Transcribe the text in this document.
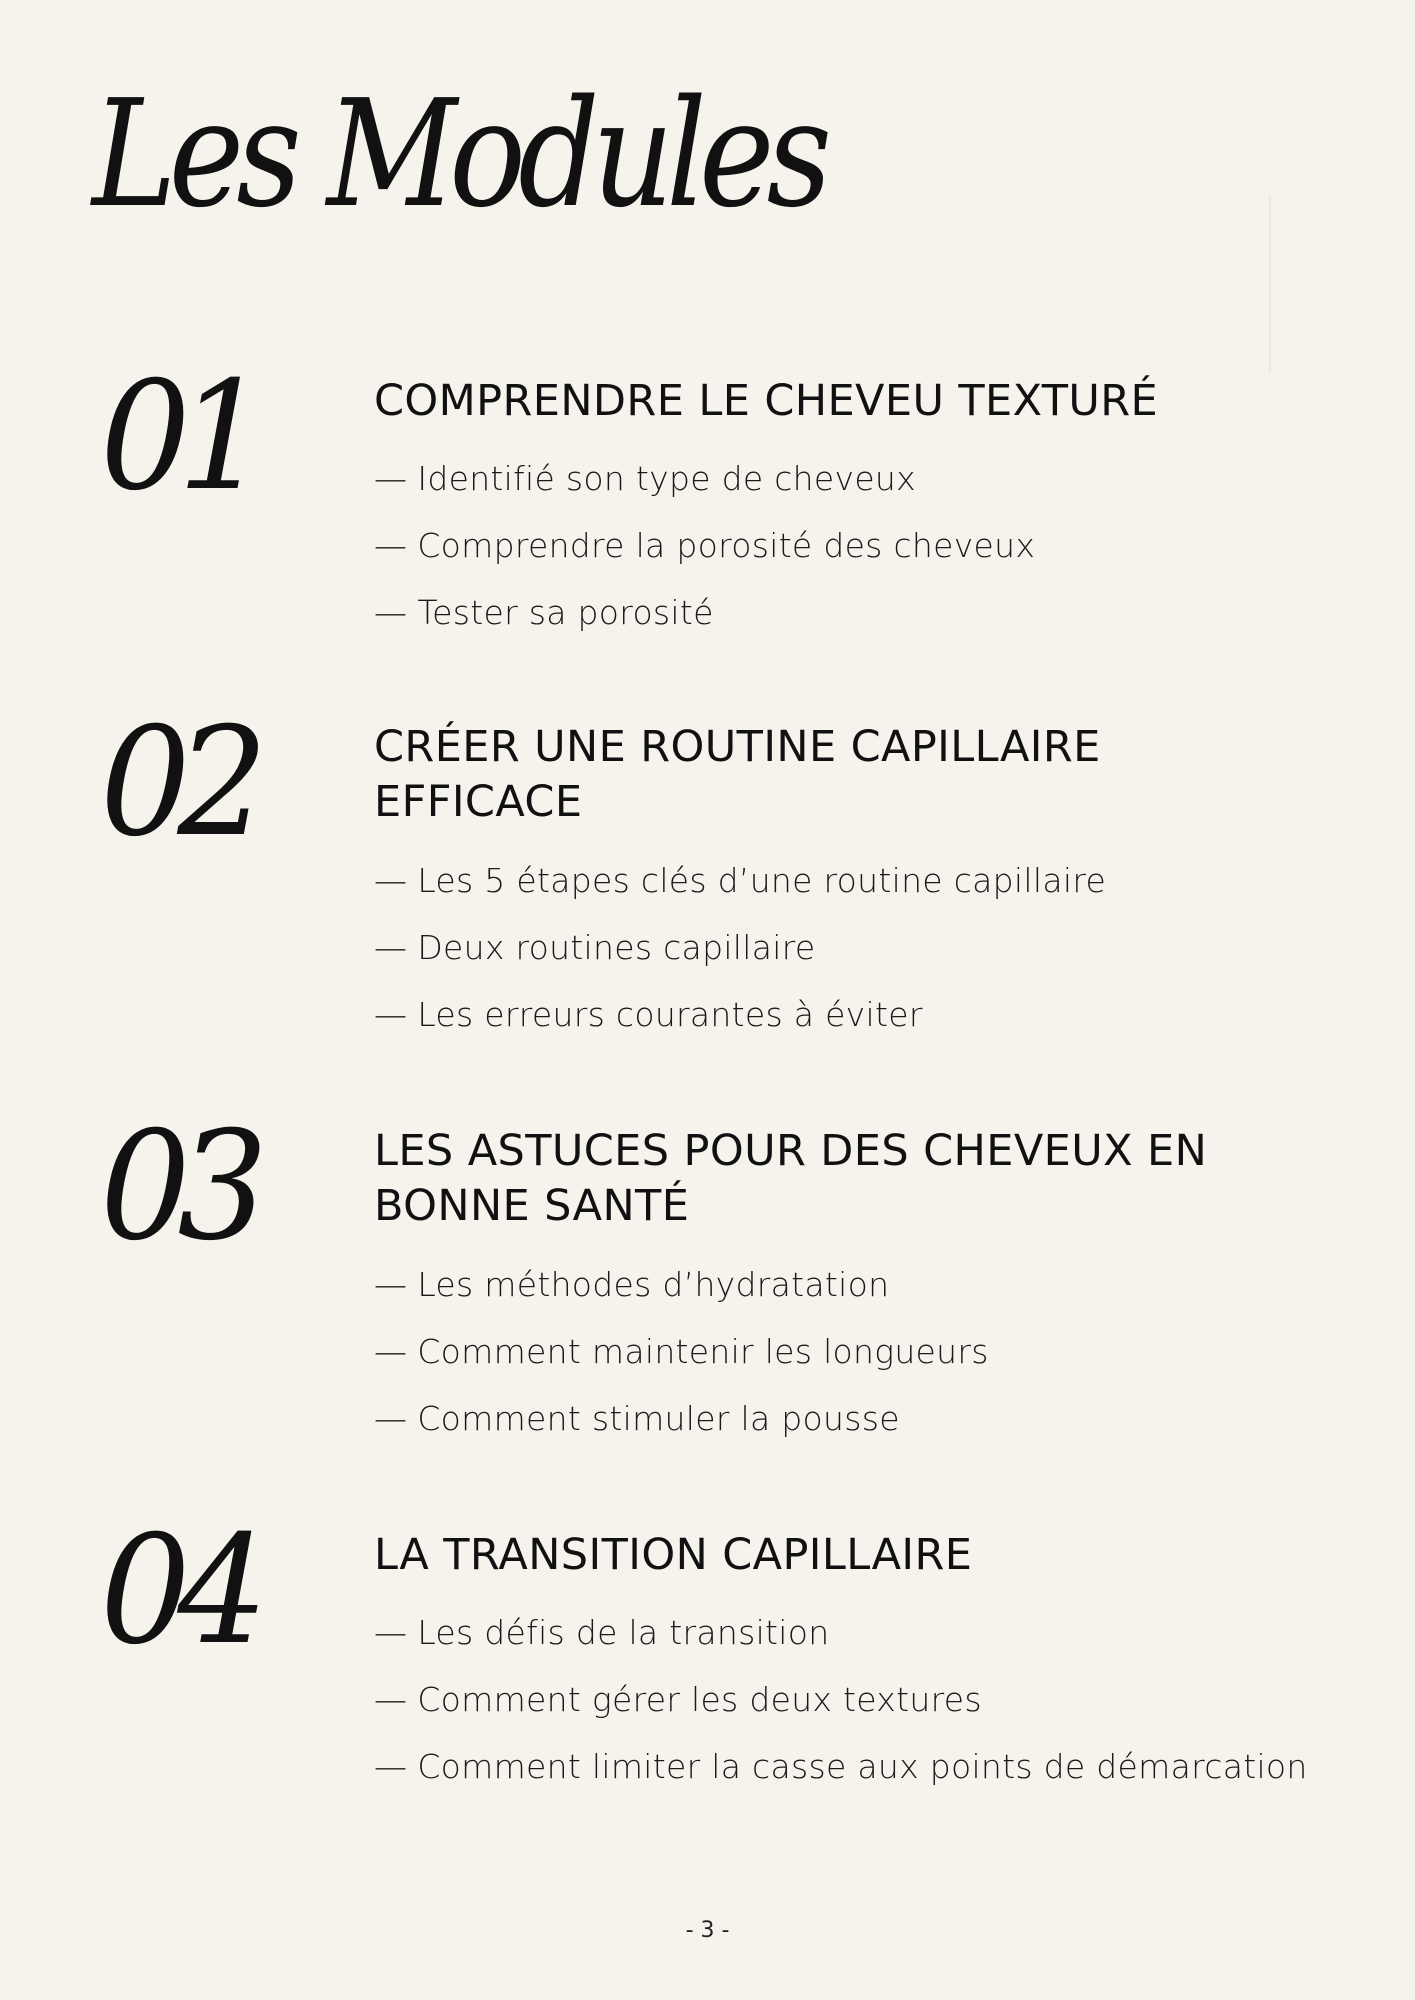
Les Modules
01	COMPRENDRE LE CHEVEU TEXTURÉ
— Identifié son type de cheveux
— Comprendre la porosité des cheveux
— Tester sa porosité
02	CRÉER UNE ROUTINE CAPILLAIRE EFFICACE
— Les 5 étapes clés d’une routine capillaire
— Deux routines capillaire
— Les erreurs courantes à éviter
03	LES ASTUCES POUR DES CHEVEUX EN BONNE SANTÉ
— Les méthodes d’hydratation
— Comment maintenir les longueurs
— Comment stimuler la pousse
04	LA TRANSITION CAPILLAIRE
— Les défis de la transition
— Comment gérer les deux textures
— Comment limiter la casse aux points de démarcation
- 3 -
